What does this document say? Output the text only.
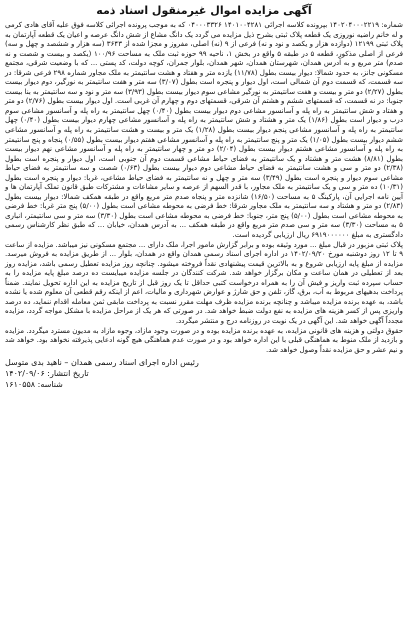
آگهی مزایده اموال غیرمنقول اسناد ذمه

شماره: ۱۴۰۲۰۴۰۰۰۲۲۱۹ بپرونده کلاسه اجرائی ۱۴۰۱۰۰۴۲۸۱ ۰۴۰۰۰۳۳۲۶ که به موجب پرونده اجرائی کلاسه فوق علیه آقای هادی کرمی و له خانم راضیه نوروزی یک قطعه پلاک ثبتی بشرح ذیل مزایده می گردد یک دانگ مشاع از شش دانگ عرصه و اعیان یک قطعه آپارتمان به پلاک ثبتی ۱۲۱۹۹ (دوازده هزار و یکصد و نود و نه) فرعی از ۹ (نه) اصلی، مفروز و مجزا شده از ۳۶۴۳ (سه هزار و ششصد و چهل و سه) فرعی از اصلی مذکور، قطعه ۵ در طبقه ۵ واقع در بخش ۱، ناحیه ۹۹ حوزه ثبت ملک به مساحت ۱۰۰/۹۶ (یکصد و بیست و شصت و نه صدم) متر مربع و به آدرس همدان، شهرستان همدان، شهر همدان، بلوار جمران، کوچه دولت، کد پستی ... که با وضعیت شرقی، مجتمع مسکونی جانز، به حدود شمالا: دیوار بیست بطول (۱۱/۷۸) یازده متر و هفتاد و هشت سانتیمتر به ملک مجاور شماره ۲۹۸ فرعی شرقا: در سه قسمت، که قسمت دوم آن شمالی است، اول دیوار و پنجره است بطول (۳/۰۷) سه متر و هفت سانتیمتر به نورگیر، دوم دیوار بیست بطول (۲/۲۷) دو متر و بیست و هفت سانتیمتر به نورگیر مشاعی سوم دیوار بیست بطول (۳/۹۳) سه متر و نود و سه سانتیمتر به بنا بیست جنوبا: در نه قسمت، که قسمتهای ششم و هشتم آن شرقی، قسمتهای دوم و چهارم آن غربی است. اول دیوار بیست بطول (۲/۷۶) دو متر و هفتاد و شش سانتیمتر به راه پله و آسانسور مشاعی دوم دیوار بیست بطول (۰/۴۰) چهل سانتیمتر به راه پله و آسانسور مشاعی سوم درب و دیوار است بطول (۱/۸۶) یک متر و هشتاد و شش سانتیمتر به راه پله و آسانسور مشاعی چهارم دیوار بیست بطول (۰/۴۰) چهل سانتیمتر به راه پله و آسانسور مشاعی پنجم دیوار بیست بطول (۱/۲۸) یک متر و بیست و هشت سانتیمتر به راه پله و آسانسور مشاعی ششم دیوار بیست بطول (۱/۰۵) یک متر و پنج سانتیمتر به راه پله و آسانسور مشاعی هفتم دیوار بیست بطول (۰/۵۵) پنجاه و پنج سانتیمتر به راه پله و آسانسور مشاعی هشتم دیوار بیست بطول (۲/۰۴) دو متر و چهار سانتیمتر به راه پله و آسانسور مشاعی نهم دیوار بیست بطول (۸/۸۱) هشت متر و هشتاد و یک سانتیمتر به فضای حیاط مشاعی قسمت دوم آن جنوبی است، اول دیوار و پنجره است بطول (۲/۳۸) دو متر و سی و هشت سانتیمتر به فضای حیاط مشاعی دوم دیوار بیست بطول (۰/۶۳) شصت و سه سانتیمتر به فضای حیاط مشاعی سوم دیوار و پنجره است بطول (۳/۴۹) سه متر و چهل و نه سانتیمتر به فضای حیاط مشاعی، غربا: دیوار و پنجره است بطول (۱۰/۳۱) ده متر و سی و یک سانتیمتر به ملک مجاور، با قدر السهم از عرصه و سایر مشاعات و مشترکات طبق قانون تملک آپارتمان ها و آیین نامه اجرایی آن، پارکینگ ۵ به مساحت (۱۶/۵۰) شانزده متر و پنجاه صدم متر مربع واقع در طبقه همکف شمالا: دیوار بیست بطول (۲/۸۳) دو متر و هشتاد و سه سانتیمتر به ملک مجاور شرقا: خط فرضی به محوطه مشاعی است بطول (۵/۰۰) پنج متر غربا: خط فرضی به محوطه مشاعی است بطول (۵/۰۰) پنج متر، جنوبا: خط فرضی به محوطه مشاعی است بطول (۳/۳۰) سه متر و سی سانتیمتر، انباری ۵ به مساحت (۳/۳۰) سه متر و سی صدم متر مربع واقع در طبقه همکف ... به آدرس همدان، خیابان ... که طبق نظر کارشناس رسمی دادگستری به مبلغ ۶۹۱۹۰۰۰۰۰۰ ریال ارزیابی گردیده است.

پلاک ثبتی مزبور در قبال مبلغ ... مورد وثیقه بوده و برابر گزارش مامور اجرا، ملک دارای ... مجتمع مسکونی نیز میباشد. مزایده از ساعت ۹ تا ۱۲ روز دوشنبه مورخ ۱۴۰۲/۰۹/۲۰ در اداره اجرای اسناد رسمی همدان واقع در همدان، بلوار ... از طریق مزایده به فروش میرسد. مزایده از مبلغ پایه ارزیابی شروع و به بالاترین قیمت پیشنهادی نقداً فروخته میشود. چنانچه روز مزایده تعطیل رسمی باشد، مزایده روز بعد از تعطیلی در همان ساعت و مکان برگزار خواهد شد. شرکت کنندگان در جلسه مزایده میبایست ده درصد مبلغ پایه مزایده را به حساب سپرده ثبت واریز و فیش آن را به همراه درخواست کتبی حداقل تا یک روز قبل از تاریخ مزایده به این اداره تحویل نمایند. ضمناً پرداخت بدهیهای مربوط به آب، برق، گاز، تلفن و حق شارژ و عوارض شهرداری و مالیات، اعم از اینکه رقم قطعی آن معلوم شده یا نشده باشد، به عهده برنده مزایده میباشد و چنانچه برنده مزایده ظرف مهلت مقرر نسبت به پرداخت مابقی ثمن معامله اقدام ننماید، ده درصد واریزی پس از کسر هزینه های مزایده به نفع دولت ضبط خواهد شد. در صورتی که هر یک از مراحل مزایده با مشکل مواجه گردد، مزایده مجدداً آگهی خواهد شد. این آگهی در یک نوبت در روزنامه درج و منتشر میگردد.

حقوق دولتی و هزینه های قانونی مزایده، به عهده برنده مزایده بوده و در صورت وجود مازاد، وجوه مازاد به مدیون مسترد میگردد. مزایده و بازدید از ملک منوط به هماهنگی قبلی با این اداره خواهد بود و در صورت عدم هماهنگی هیچ گونه ادعایی پذیرفته نخواهد بود. خواهد شد و نیم عشر و حق مزایده نقداً وصول خواهد شد.

رئیس اداره اجرای اسناد رسمی همدان – ناهید بدی متوسل
تاریخ انتشار: ۱۴۰۲/۰۹/۰۶
شناسه: ۱۶۱۰۵۵۸
